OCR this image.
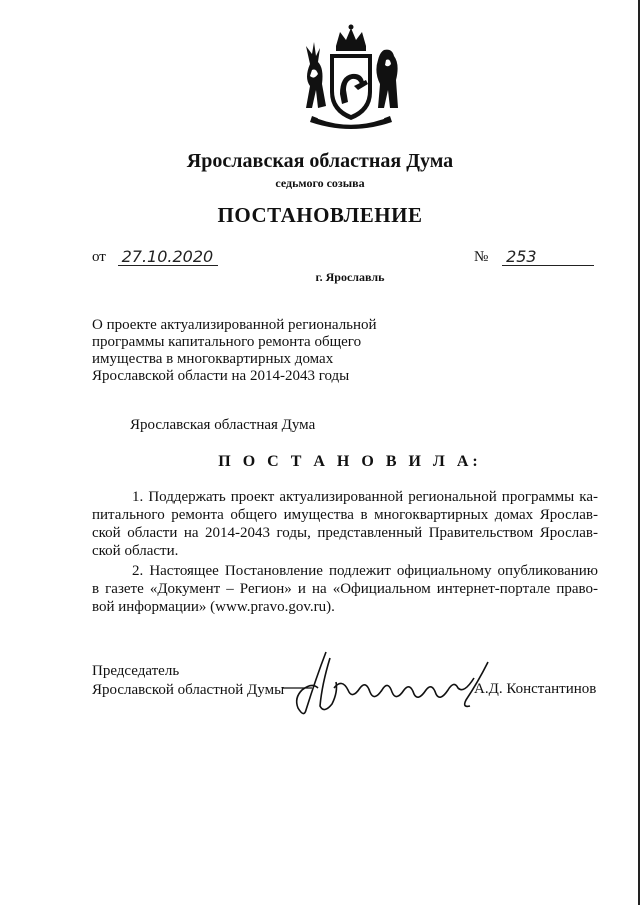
Ярославская областная Дума
седьмого созыва
ПОСТАНОВЛЕНИЕ
от 27.10.2020	№ 253
г. Ярославль
О проекте актуализированной региональной
программы капитального ремонта общего
имущества в многоквартирных домах
Ярославской области на 2014-2043 годы
Ярославская областная Дума
П О С Т А Н О В И Л А:
1. Поддержать проект актуализированной региональной программы ка-
питального ремонта общего имущества в многоквартирных домах Ярослав-
ской области на 2014-2043 годы, представленный Правительством Ярослав-
ской области.
2. Настоящее Постановление подлежит официальному опубликованию
в газете «Документ – Регион» и на «Официальном интернет-портале право-
вой информации» (www.pravo.gov.ru).
Председатель
Ярославской областной Думы	А.Д. Константинов
